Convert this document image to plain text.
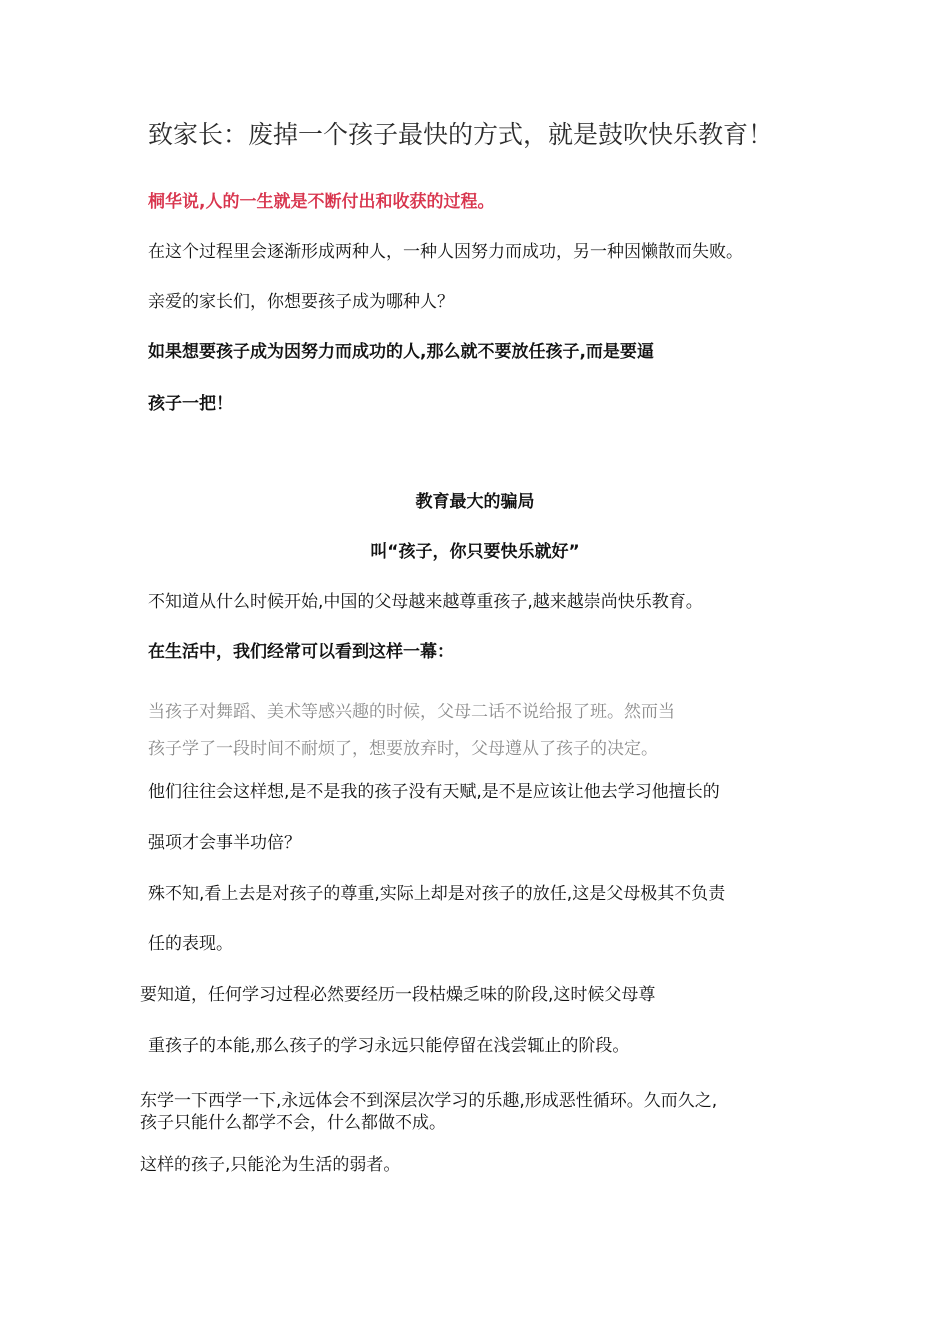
致家长：废掉一个孩子最快的方式，就是鼓吹快乐教育！
桐华说,人的一生就是不断付出和收获的过程。
在这个过程里会逐渐形成两种人，一种人因努力而成功，另一种因懒散而失败。
亲爱的家长们，你想要孩子成为哪种人？
如果想要孩子成为因努力而成功的人,那么就不要放任孩子,而是要逼
孩子一把！
教育最大的骗局
叫“孩子，你只要快乐就好”
不知道从什么时候开始,中国的父母越来越尊重孩子,越来越崇尚快乐教育。
在生活中，我们经常可以看到这样一幕：
当孩子对舞蹈、美术等感兴趣的时候，父母二话不说给报了班。然而当
孩子学了一段时间不耐烦了，想要放弃时，父母遵从了孩子的决定。
他们往往会这样想,是不是我的孩子没有天赋,是不是应该让他去学习他擅长的
强项才会事半功倍？
殊不知,看上去是对孩子的尊重,实际上却是对孩子的放任,这是父母极其不负责
任的表现。
要知道，任何学习过程必然要经历一段枯燥乏味的阶段,这时候父母尊
重孩子的本能,那么孩子的学习永远只能停留在浅尝辄止的阶段。
东学一下西学一下,永远体会不到深层次学习的乐趣,形成恶性循环。久而久之,
孩子只能什么都学不会，什么都做不成。
这样的孩子,只能沦为生活的弱者。
